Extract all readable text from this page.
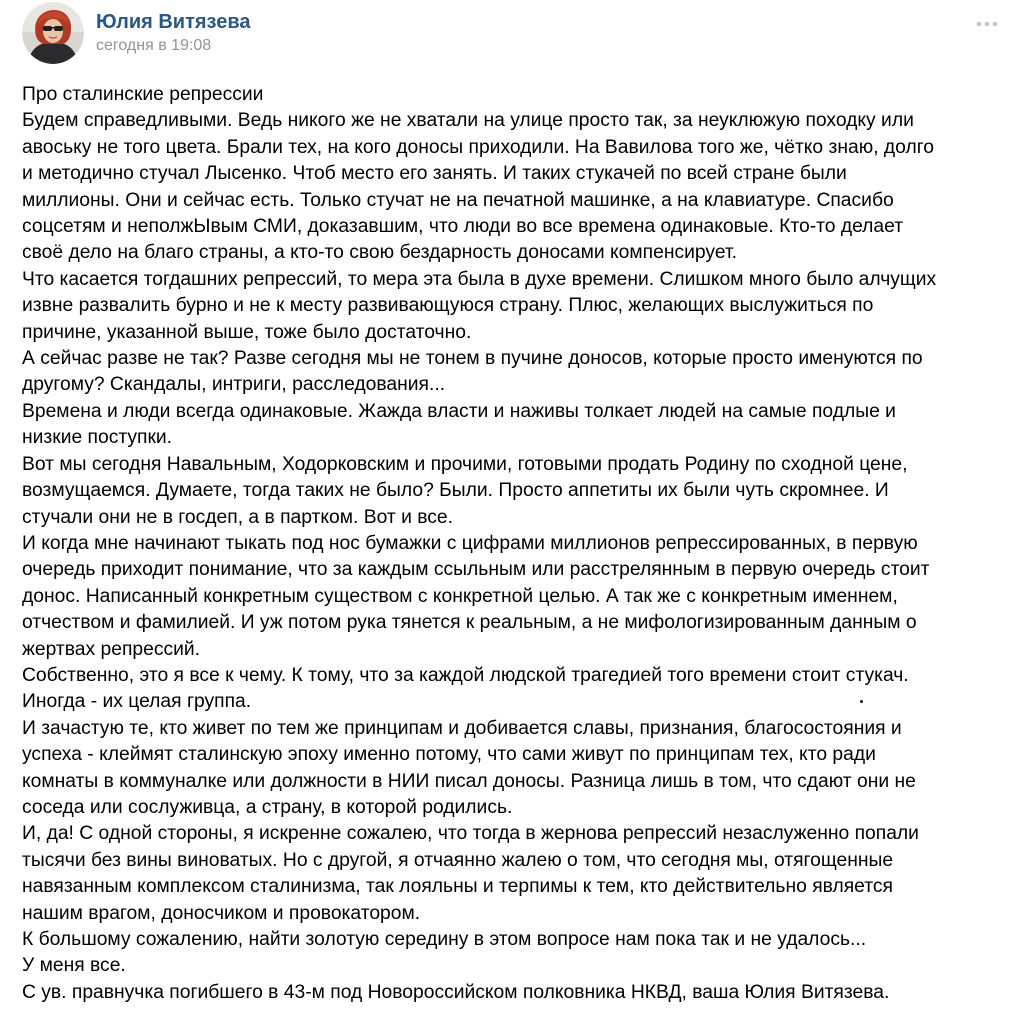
Юлия Витязева
сегодня в 19:08
Про сталинские репрессии
Будем справедливыми. Ведь никого же не хватали на улице просто так, за неуклюжую походку или
авоську не того цвета. Брали тех, на кого доносы приходили. На Вавилова того же, чётко знаю, долго
и методично стучал Лысенко. Чтоб место его занять. И таких стукачей по всей стране были
миллионы. Они и сейчас есть. Только стучат не на печатной машинке, а на клавиатуре. Спасибо
соцсетям и неполжЫвым СМИ, доказавшим, что люди во все времена одинаковые. Кто-то делает
своё дело на благо страны, а кто-то свою бездарность доносами компенсирует.
Что касается тогдашних репрессий, то мера эта была в духе времени. Слишком много было алчущих
извне развалить бурно и не к месту развивающуюся страну. Плюс, желающих выслужиться по
причине, указанной выше, тоже было достаточно.
А сейчас разве не так? Разве сегодня мы не тонем в пучине доносов, которые просто именуются по
другому? Скандалы, интриги, расследования...
Времена и люди всегда одинаковые. Жажда власти и наживы толкает людей на самые подлые и
низкие поступки.
Вот мы сегодня Навальным, Ходорковским и прочими, готовыми продать Родину по сходной цене,
возмущаемся. Думаете, тогда таких не было? Были. Просто аппетиты их были чуть скромнее. И
стучали они не в госдеп, а в партком. Вот и все.
И когда мне начинают тыкать под нос бумажки с цифрами миллионов репрессированных, в первую
очередь приходит понимание, что за каждым ссыльным или расстрелянным в первую очередь стоит
донос. Написанный конкретным существом с конкретной целью. А так же с конкретным именнем,
отчеством и фамилией. И уж потом рука тянется к реальным, а не мифологизированным данным о
жертвах репрессий.
Собственно, это я все к чему. К тому, что за каждой людской трагедией того времени стоит стукач.
Иногда - их целая группа.
И зачастую те, кто живет по тем же принципам и добивается славы, признания, благосостояния и
успеха - клеймят сталинскую эпоху именно потому, что сами живут по принципам тех, кто ради
комнаты в коммуналке или должности в НИИ писал доносы. Разница лишь в том, что сдают они не
соседа или сослуживца, а страну, в которой родились.
И, да! С одной стороны, я искренне сожалею, что тогда в жернова репрессий незаслуженно попали
тысячи без вины виноватых. Но с другой, я отчаянно жалею о том, что сегодня мы, отягощенные
навязанным комплексом сталинизма, так лояльны и терпимы к тем, кто действительно является
нашим врагом, доносчиком и провокатором.
К большому сожалению, найти золотую середину в этом вопросе нам пока так и не удалось...
У меня все.
С ув. правнучка погибшего в 43-м под Новороссийском полковника НКВД, ваша Юлия Витязева.
